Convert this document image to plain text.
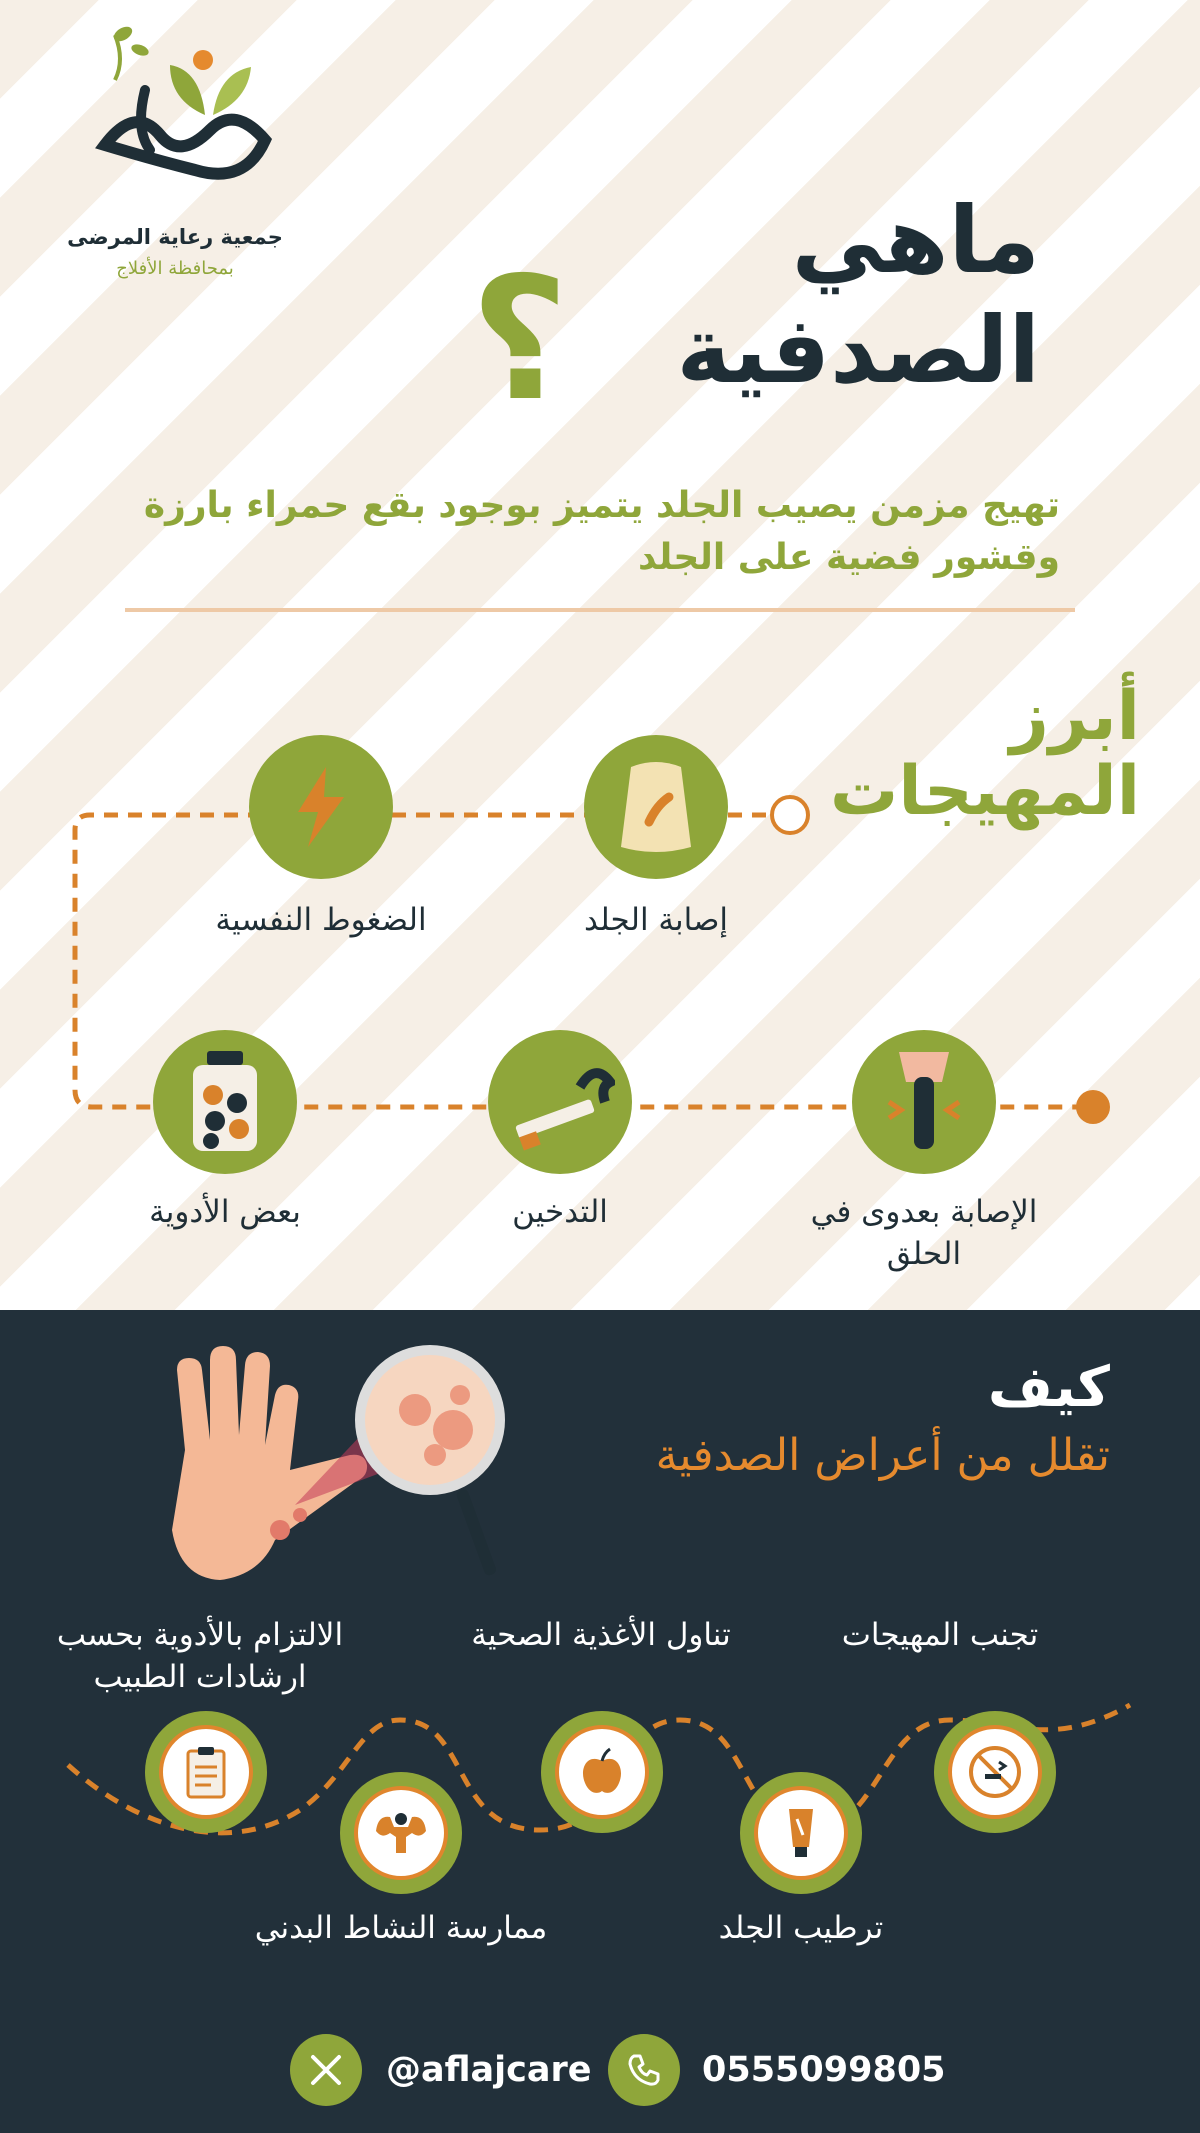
جمعية رعاية المرضى
بمحافظة الأفلاج	ماهي
الصدفية
؟
تهيج مزمن يصيب الجلد يتميز بوجود بقع حمراء بارزة وقشور فضية على الجلد
أبرز
المهيجات
إصابة الجلد
الضغوط النفسية
الإصابة بعدوى في الحلق
التدخين
بعض الأدوية
كيف
تقلل من أعراض الصدفية
تجنب المهيجات
تناول الأغذية الصحية
الالتزام بالأدوية بحسب ارشادات الطبيب
ترطيب الجلد
ممارسة النشاط البدني
@aflajcare	0555099805
